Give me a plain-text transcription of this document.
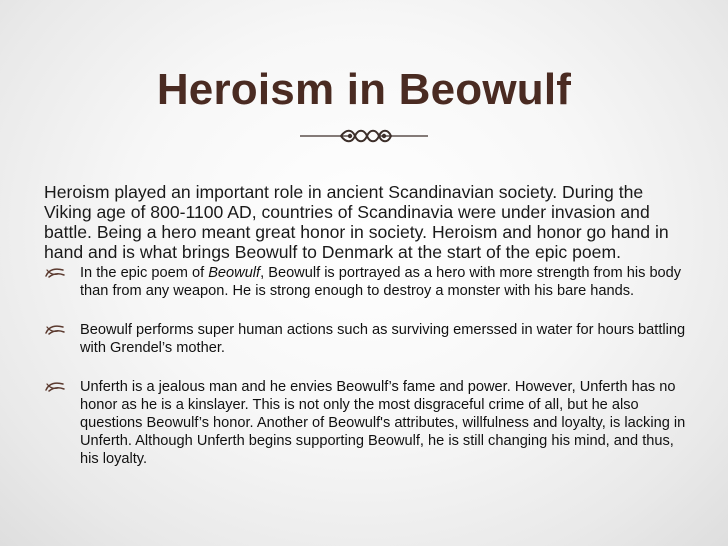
Heroism in Beowulf

Heroism played an important role in ancient Scandinavian society. During the Viking age of 800-1100 AD, countries of Scandinavia were under invasion and battle. Being a hero meant great honor in society. Heroism and honor go hand in hand and is what brings Beowulf to Denmark at the start of the epic poem.

In the epic poem of Beowulf, Beowulf is portrayed as a hero with more strength from his body than from any weapon. He is strong enough to destroy a monster with his bare hands.
Beowulf performs super human actions such as surviving emerssed in water for hours battling with Grendel’s mother.
Unferth is a jealous man and he envies Beowulf’s fame and power. However, Unferth has no honor as he is a kinslayer. This is not only the most disgraceful crime of all, but he also questions Beowulf’s honor. Another of Beowulf's attributes, willfulness and loyalty, is lacking in Unferth. Although Unferth begins supporting Beowulf, he is still changing his mind, and thus, his loyalty.
